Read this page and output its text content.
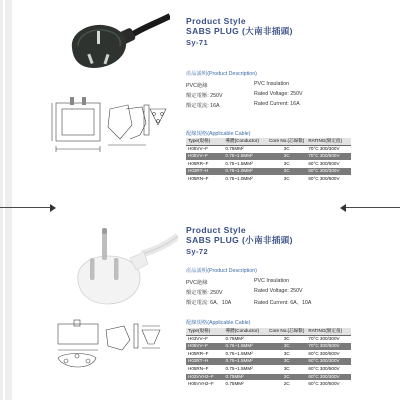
Product Style
SABS PLUG (大南非插頭)
Sy-71
産品説明(Product Description)
PVC絶緣
額定電壓: 250V
額定電流: 16A
PVC Insulation
Rated Voltage: 250V
Rated Current: 16A
配線規格(Applicable Cable)
Type(規格)	導體(Conductor)	Core No.(芯線數)	RATING(額定值)
H05VV–F	0.75MM²	3C	70°C 300/300V
H05VV–F	0.75~1.5MM²	3C	70°C 300/500V
H05RR–F	0.75~1.5MM²	3C	60°C 300/500V
H03RT–H	0.75~1.0MM²	3C	60°C 300/300V
H05RN–F	0.75~1.0MM²	3C	60°C 300/500V
Product Style
SABS PLUG (小南非插頭)
Sy-72
産品説明(Product Description)
PVC絶緣
額定電壓: 250V
額定電流: 6A、10A
PVC Insulation
Rated Voltage: 250V
Rated Current: 6A、10A
配線規格(Applicable Cable)
Type(規格)	導體(Conductor)	Core No.(芯線數)	RATING(額定值)
H03VV–F	0.75MM²	3C	70°C 300/300V
H05VV–F	0.75~1.5MM²	3C	70°C 300/500V
H05RR–F	0.75~1.5MM²	3C	60°C 300/500V
H03RT–H	0.75~1.5MM²	3C	60°C 300/300V
H05RN–F	0.75~1.5MM²	3C	60°C 300/500V
H03VVH2–F	0.75MM²	2C	60°C 300/300V
H05VVH2–F	0.75MM²	2C	60°C 300/500V
